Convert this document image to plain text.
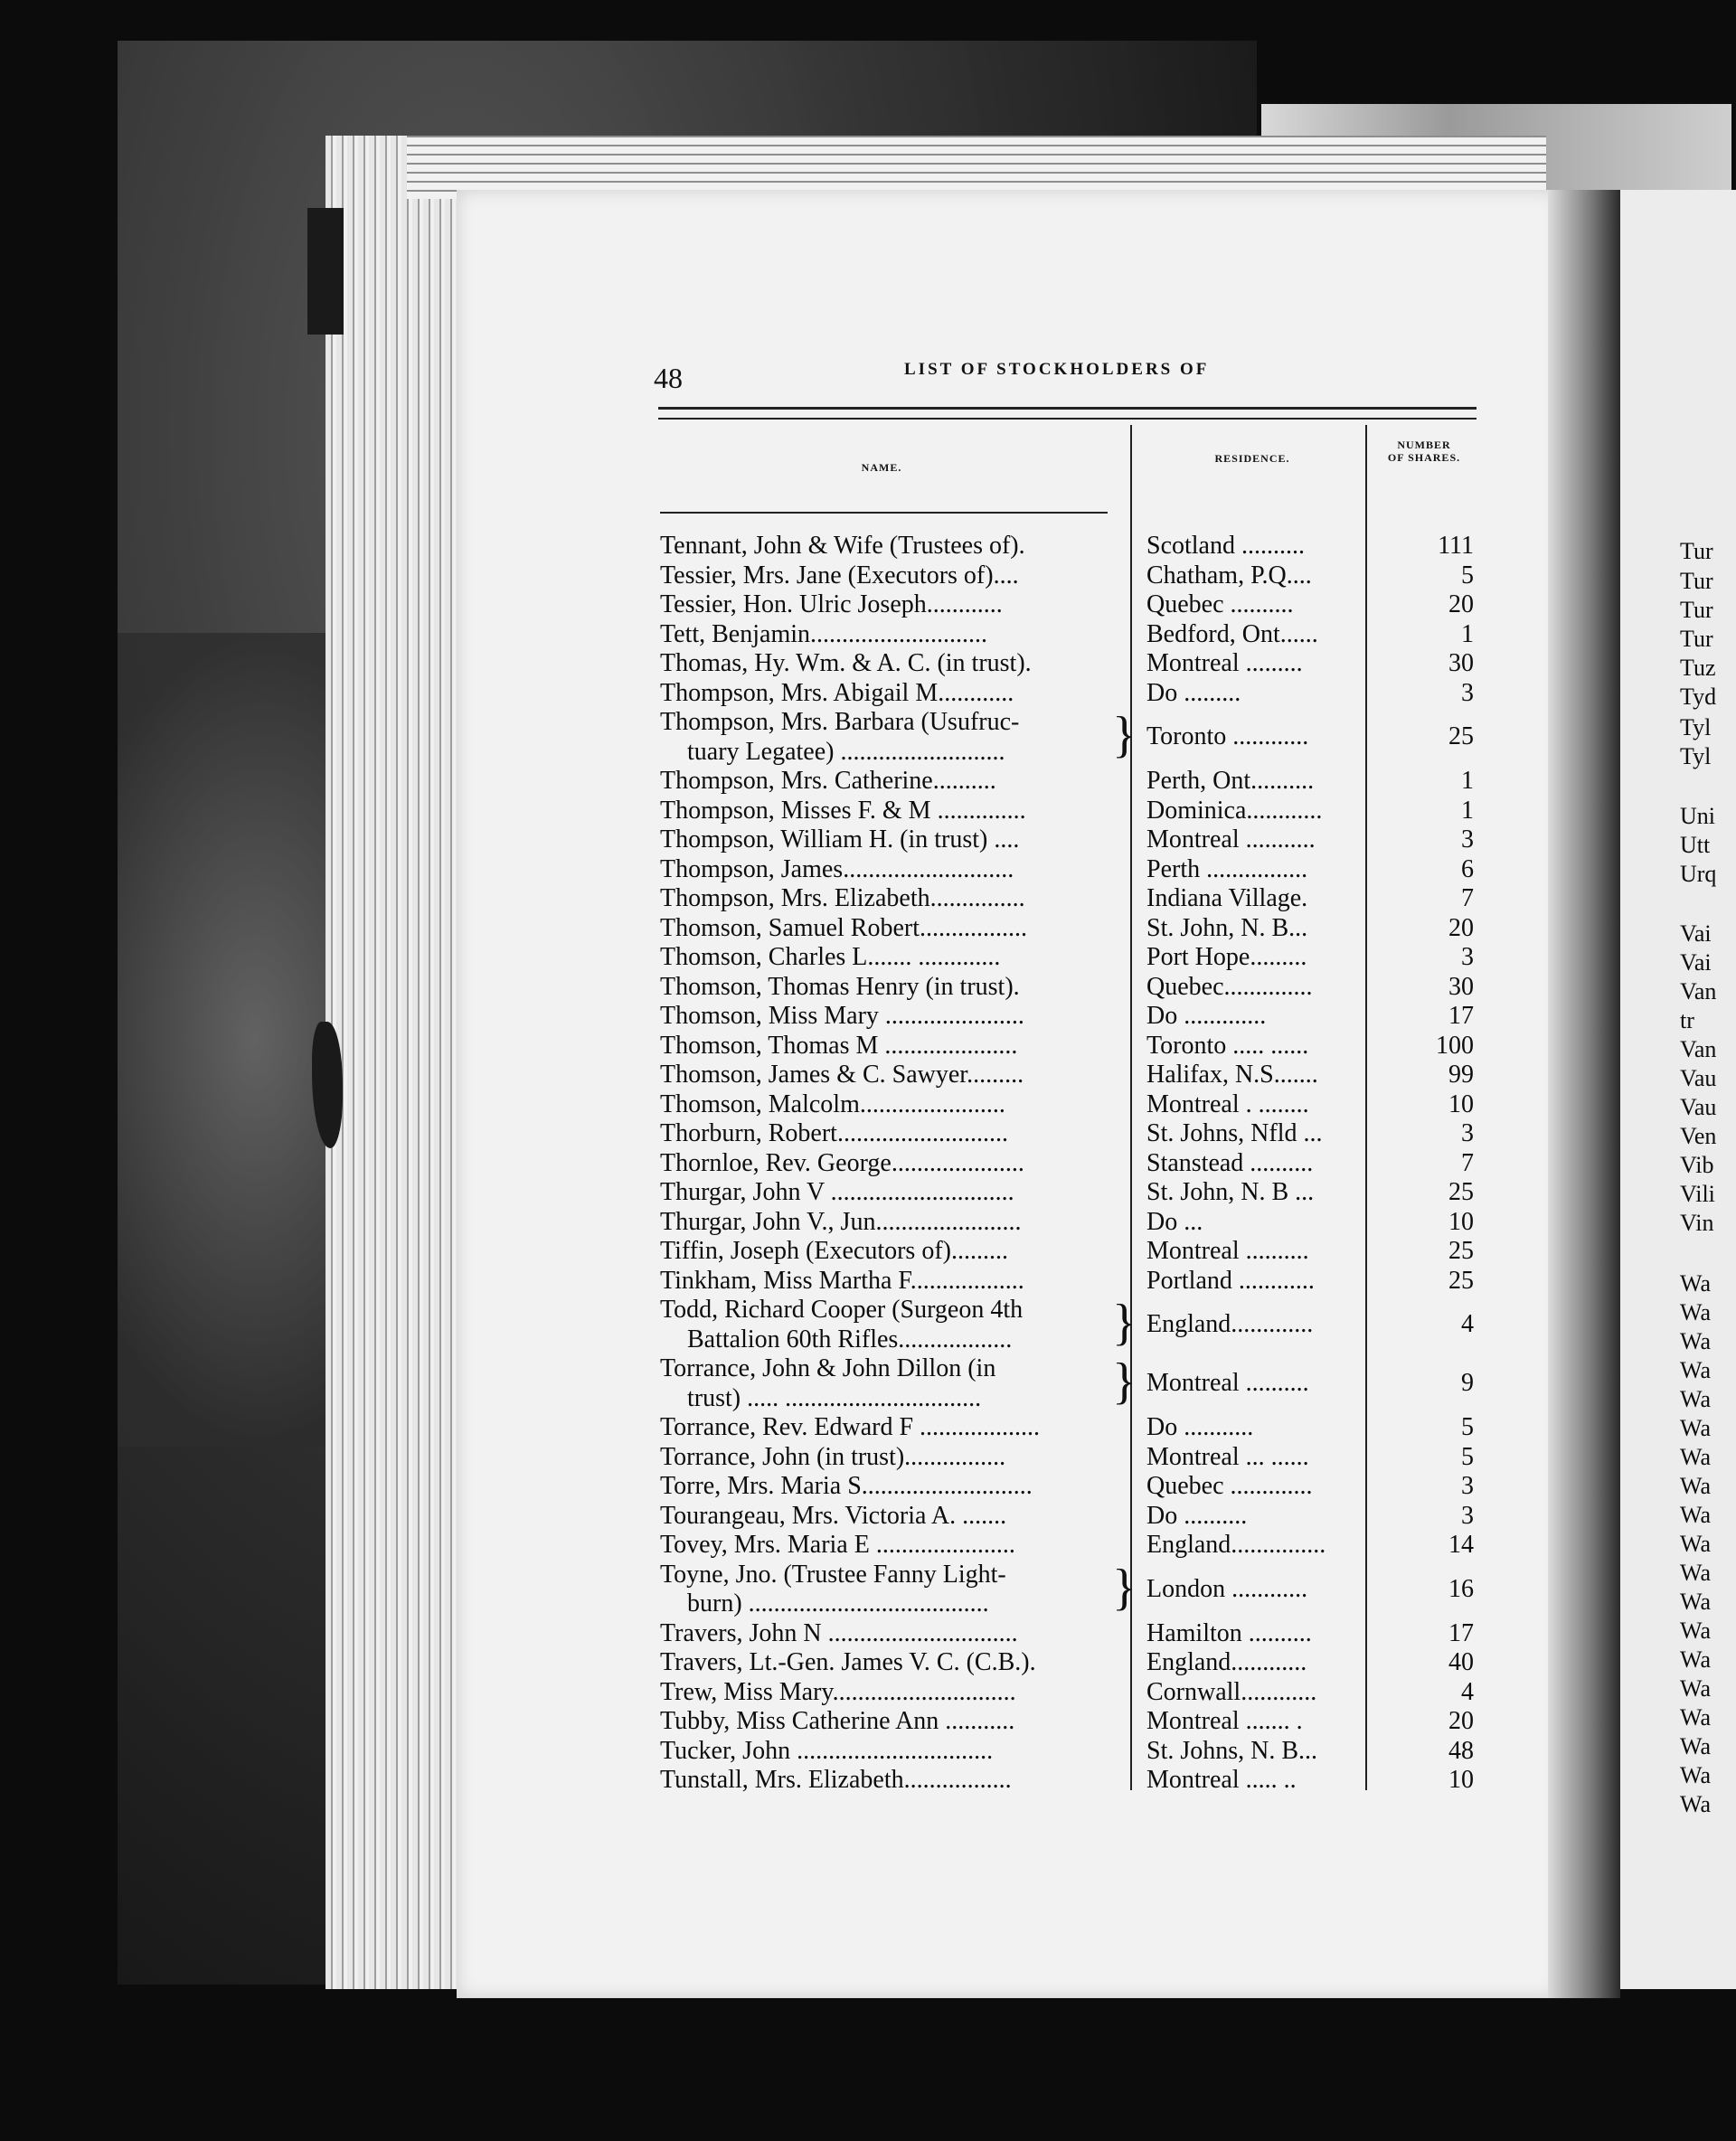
48	LIST OF STOCKHOLDERS OF
NAME.
RESIDENCE.
NUMBER
OF SHARES.
Tennant, John & Wife (Trustees of).	Scotland ..........	111
Tessier, Mrs. Jane (Executors of)....	Chatham, P.Q....	5
Tessier, Hon. Ulric Joseph............	Quebec ..........	20
Tett, Benjamin............................	Bedford, Ont......	1
Thomas, Hy. Wm. & A. C. (in trust).	Montreal .........	30
Thompson, Mrs. Abigail M............	Do .........	3
Thompson, Mrs. Barbara (Usufruc-
tuary Legatee) ..........................	} Toronto ............	25
Thompson, Mrs. Catherine..........	Perth, Ont..........	1
Thompson, Misses F. & M ..............	Dominica............	1
Thompson, William H. (in trust) ....	Montreal ...........	3
Thompson, James...........................	Perth ................	6
Thompson, Mrs. Elizabeth...............	Indiana Village.	7
Thomson, Samuel Robert.................	St. John, N. B...	20
Thomson, Charles L....... .............	Port Hope.........	3
Thomson, Thomas Henry (in trust).	Quebec..............	30
Thomson, Miss Mary ......................	Do .............	17
Thomson, Thomas M .....................	Toronto ..... ......	100
Thomson, James & C. Sawyer.........	Halifax, N.S.......	99
Thomson, Malcolm.......................	Montreal . ........	10
Thorburn, Robert...........................	St. Johns, Nfld ...	3
Thornloe, Rev. George.....................	Stanstead ..........	7
Thurgar, John V .............................	St. John, N. B ...	25
Thurgar, John V., Jun.......................	Do ...	10
Tiffin, Joseph (Executors of).........	Montreal ..........	25
Tinkham, Miss Martha F..................	Portland ............	25
Todd, Richard Cooper (Surgeon 4th
Battalion 60th Rifles..................	} England.............	4
Torrance, John & John Dillon (in
trust) ..... ...............................	} Montreal ..........	9
Torrance, Rev. Edward F ...................	Do ...........	5
Torrance, John (in trust)................	Montreal ... ......	5
Torre, Mrs. Maria S...........................	Quebec .............	3
Tourangeau, Mrs. Victoria A. .......	Do ..........	3
Tovey, Mrs. Maria E ......................	England...............	14
Toyne, Jno. (Trustee Fanny Light-
burn) ......................................	} London ............	16
Travers, John N ..............................	Hamilton ..........	17
Travers, Lt.-Gen. James V. C. (C.B.).	England............	40
Trew, Miss Mary.............................	Cornwall............	4
Tubby, Miss Catherine Ann ...........	Montreal ....... .	20
Tucker, John ...............................	St. Johns, N. B...	48
Tunstall, Mrs. Elizabeth.................	Montreal ..... ..	10
Tur
Tur
Tur
Tur
Tuz
Tyd
Tyl
Tyl
Uni
Utt
Urq
Vai
Vai
Van
tr
Van
Vau
Vau
Ven
Vib
Vili
Vin
Wa
Wa
Wa
Wa
Wa
Wa
Wa
Wa
Wa
Wa
Wa
Wa
Wa
Wa
Wa
Wa
Wa
Wa
Wa
